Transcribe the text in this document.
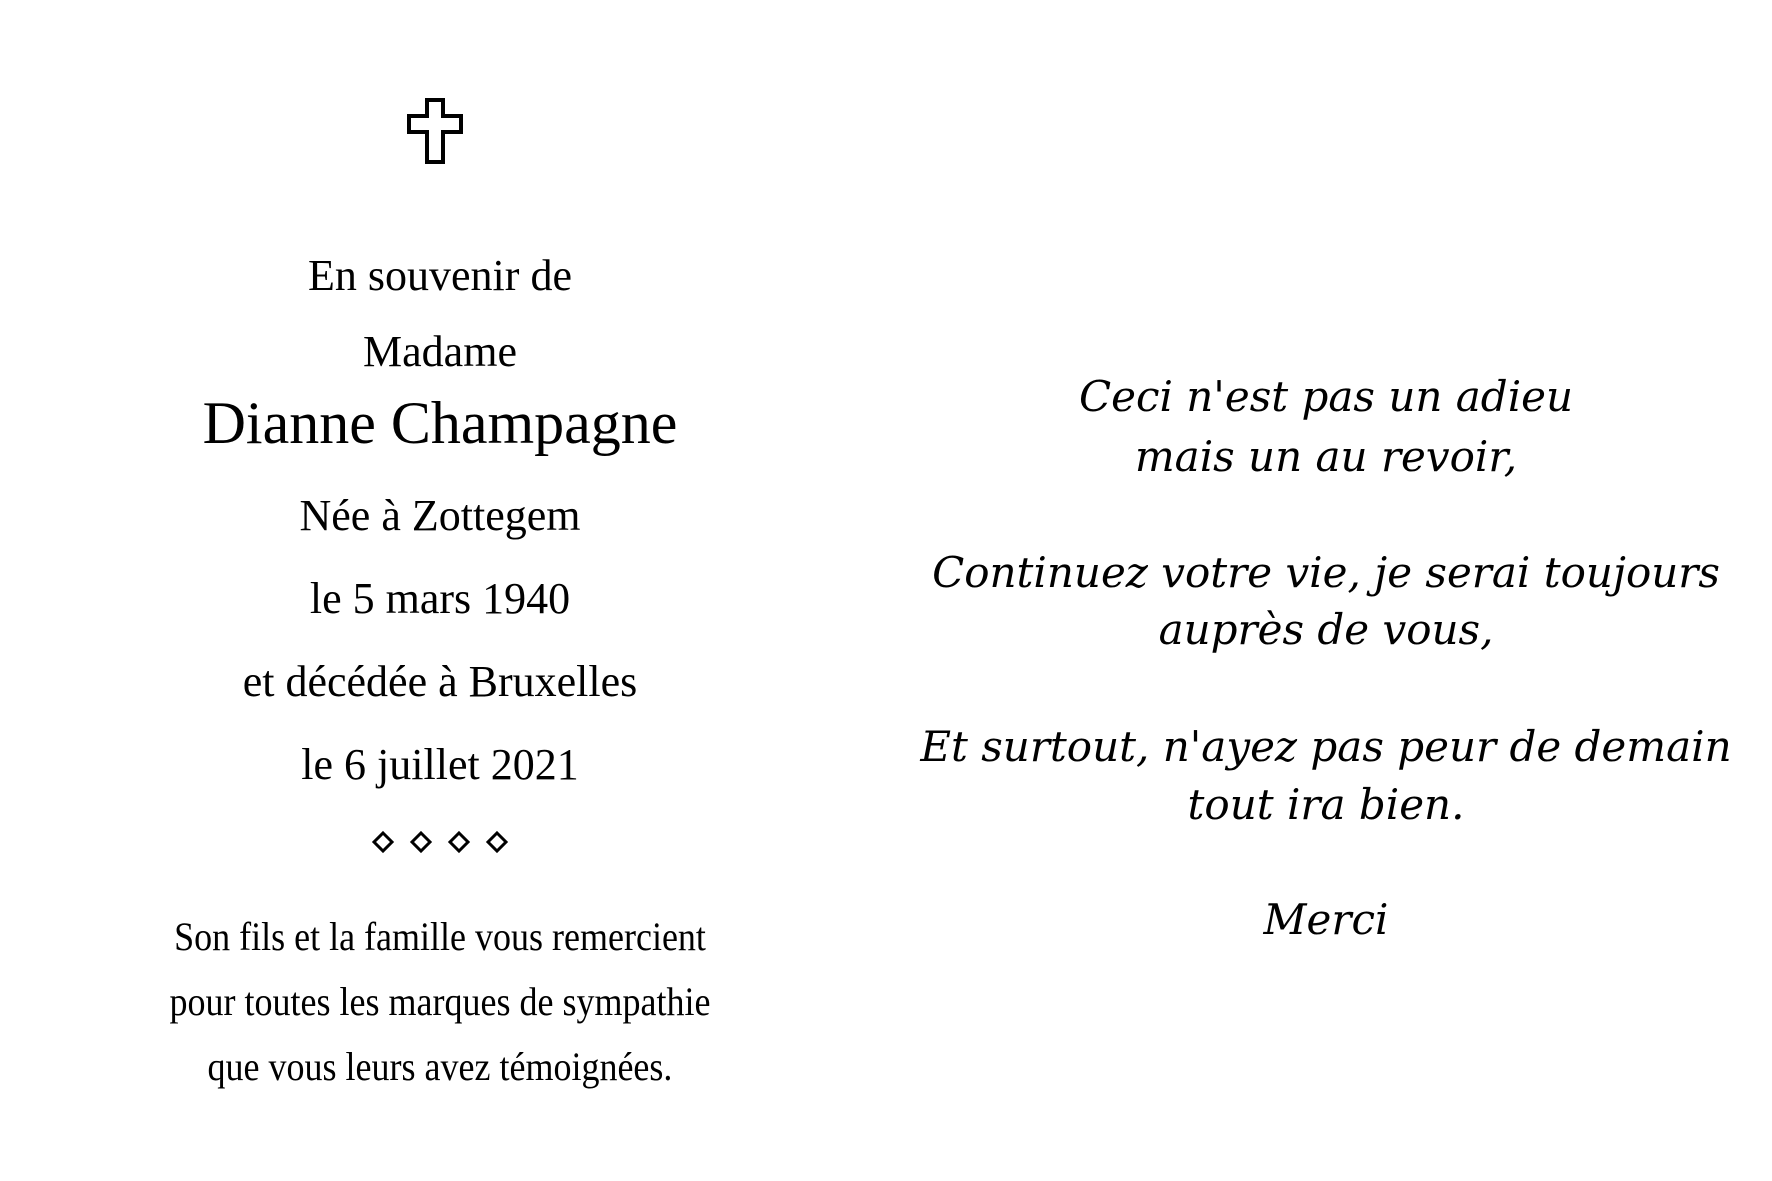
En souvenir de
Madame
Dianne Champagne
Née à Zottegem
le 5 mars 1940
et décédée à Bruxelles
le 6 juillet 2021
Son fils et la famille vous remercient
pour toutes les marques de sympathie
que vous leurs avez témoignées.
Ceci n'est pas un adieu
mais un au revoir,
Continuez votre vie, je serai toujours
auprès de vous,
Et surtout, n'ayez pas peur de demain
tout ira bien.
Merci
